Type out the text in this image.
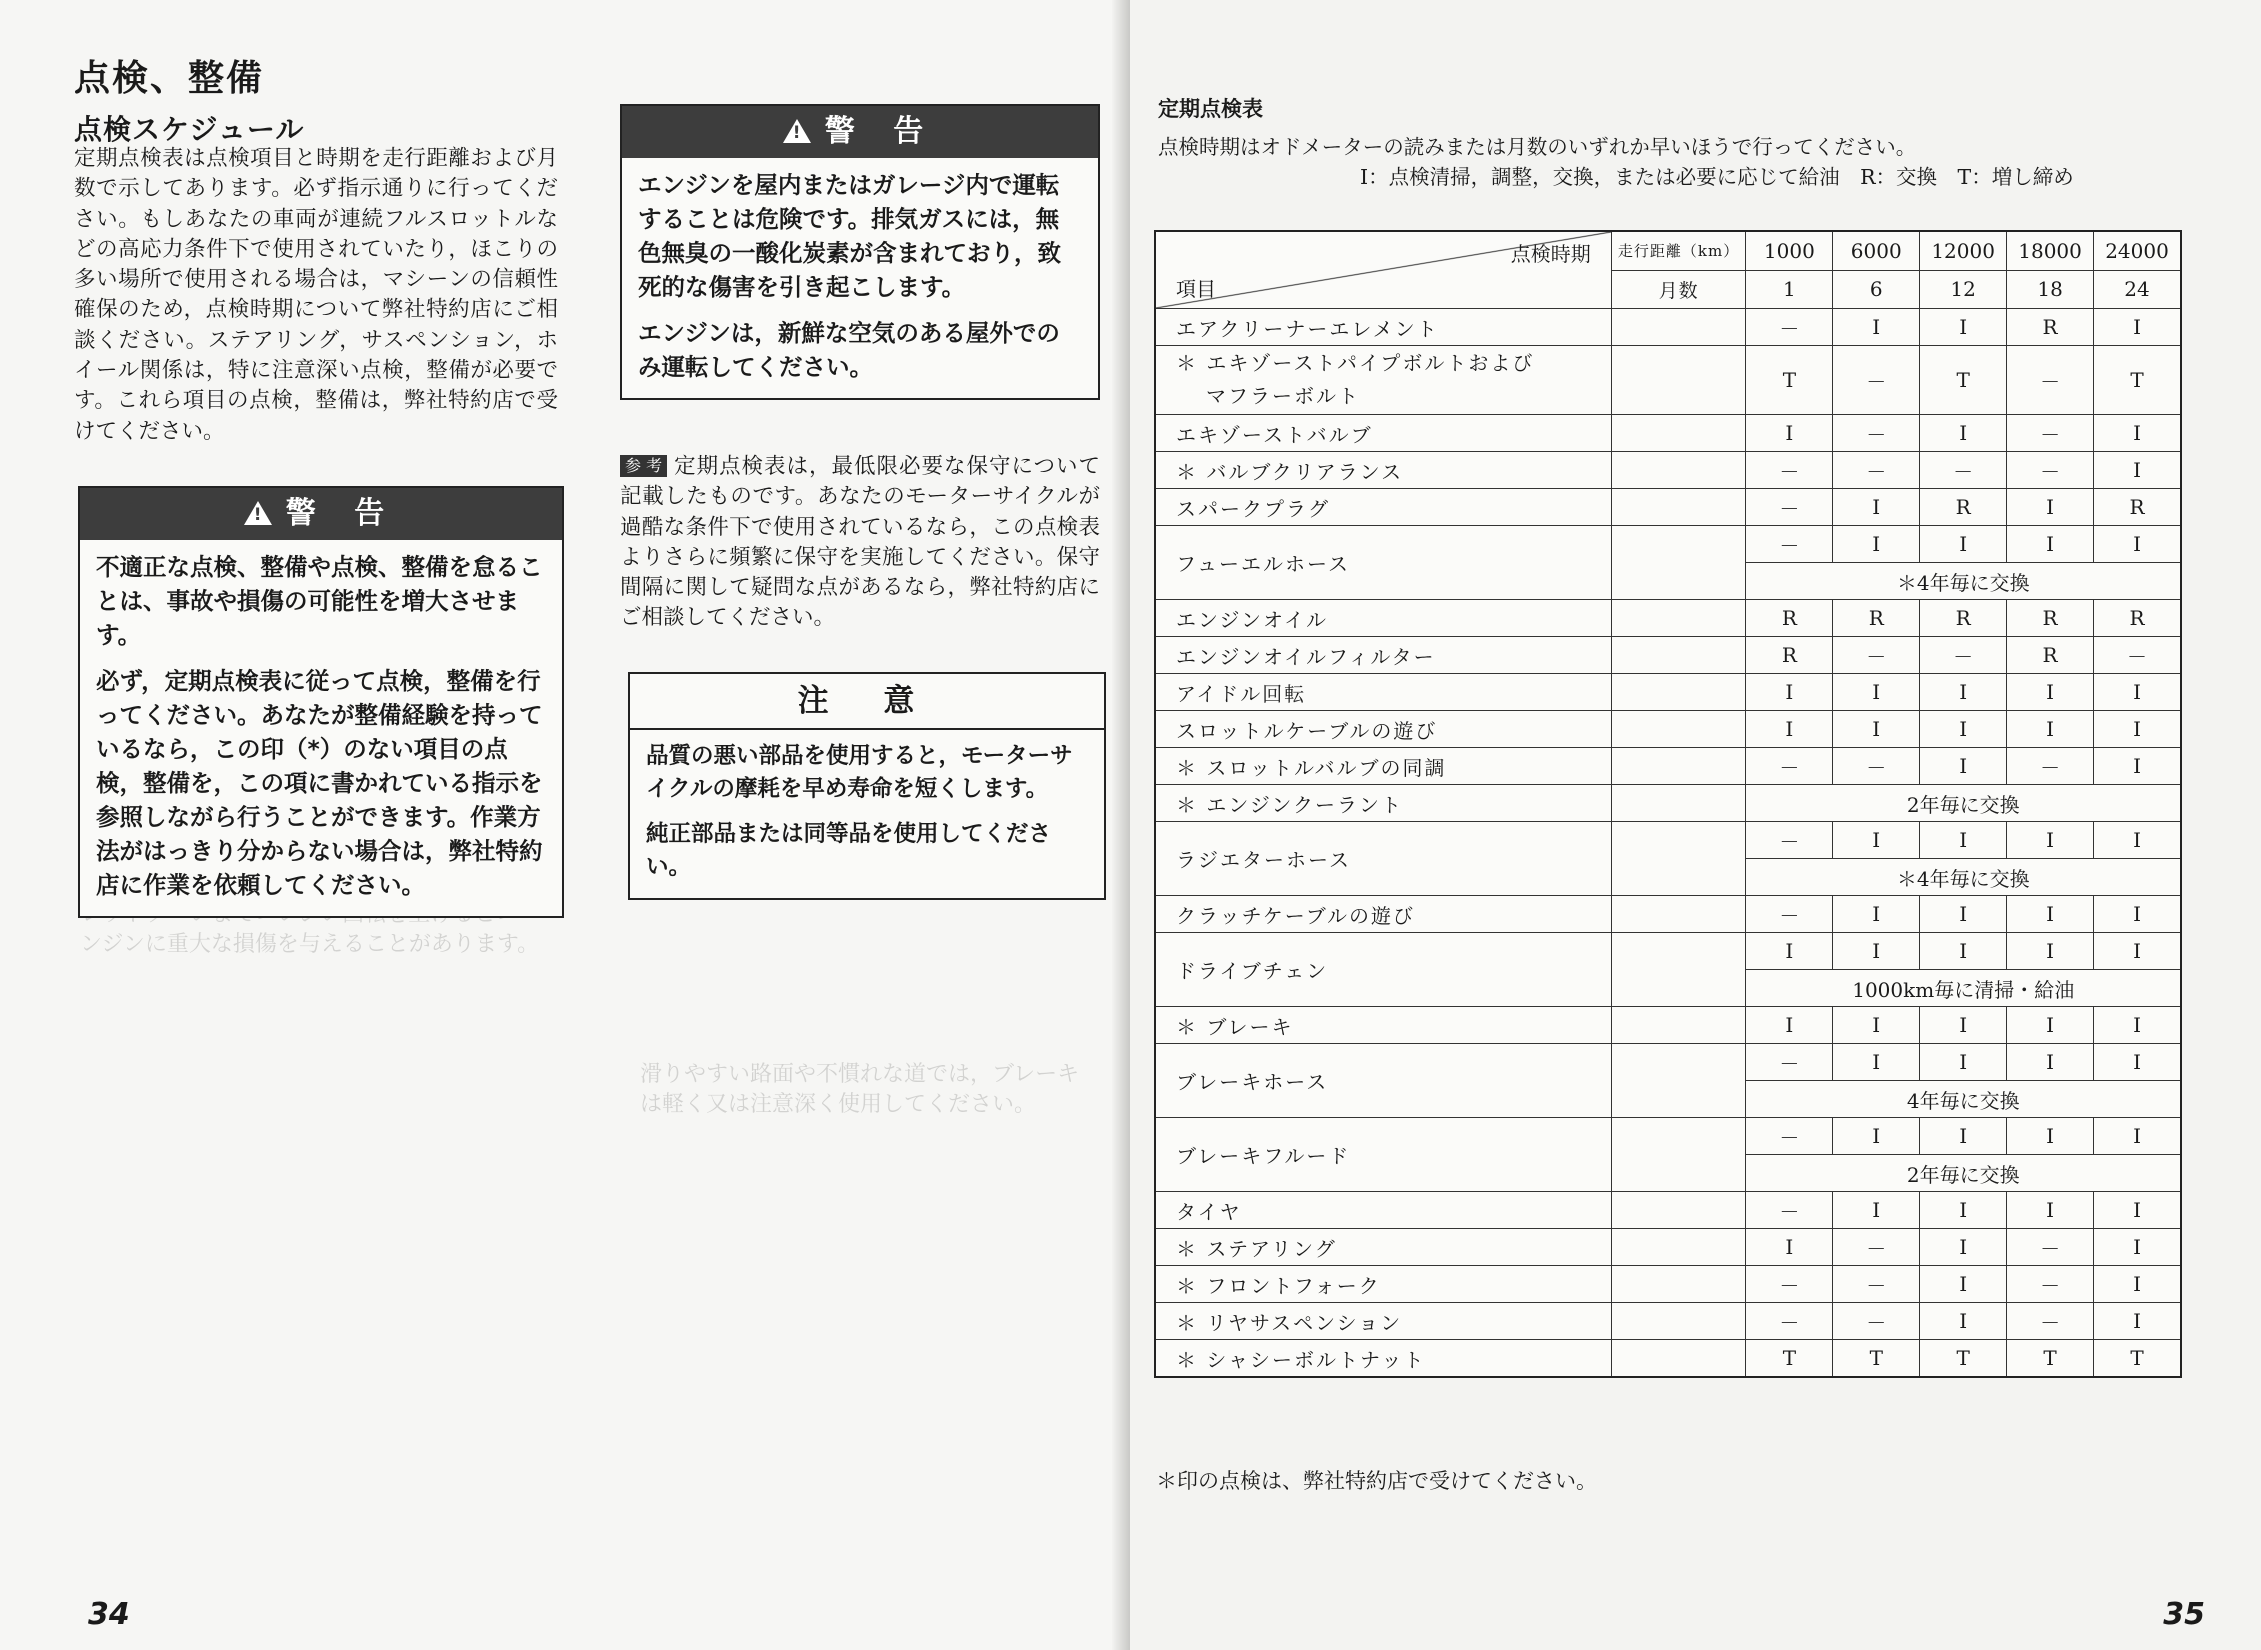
ンジンに重大な損傷を与えることがあります。
滑りやすい路面や不慣れな道では，ブレーキは軽く又は注意深く使用してください。
点検、整備
点検スケジュール
定期点検表は点検項目と時期を走行距離および月数で示してあります。必ず指示通りに行ってください。もしあなたの車両が連続フルスロットルなどの高応力条件下で使用されていたり，ほこりの多い場所で使用される場合は，マシーンの信頼性確保のため，点検時期について弊社特約店にご相談ください。ステアリング，サスペンション，ホイール関係は，特に注意深い点検，整備が必要です。これら項目の点検，整備は，弊社特約店で受けてください。
!警 告

不適正な点検、整備や点検、整備を怠ることは、事故や損傷の可能性を増大させます。

必ず，定期点検表に従って点検，整備を行ってください。あなたが整備経験を持っているなら，この印（*）のない項目の点検，整備を，この項に書かれている指示を参照しながら行うことができます。作業方法がはっきり分からない場合は，弊社特約店に作業を依頼してください。

!警 告

エンジンを屋内またはガレージ内で運転することは危険です。排気ガスには，無色無臭の一酸化炭素が含まれており，致死的な傷害を引き起こします。

エンジンは，新鮮な空気のある屋外でのみ運転してください。

参 考 定期点検表は，最低限必要な保守について記載したものです。あなたのモーターサイクルが過酷な条件下で使用されているなら，この点検表よりさらに頻繁に保守を実施してください。保守間隔に関して疑問な点があるなら，弊社特約店にご相談してください。
注 意

品質の悪い部品を使用すると，モーターサイクルの摩耗を早め寿命を短くします。

純正部品または同等品を使用してください。

34	35
定期点検表
点検時期はオドメーターの読みまたは月数のいずれか早いほうで行ってください。
I：点検清掃，調整，交換，または必要に応じて給油　R：交換　T：増し締め
点検時期
項目	走行距離（km）	1000	6000	12000	18000	24000
	月数	1	6	12	18	24
エアクリーナーエレメント		－	I	I	R	I

＊ エキゾーストパイプボルトおよび
マフラーボルト		T	－	T	－	T
エキゾーストバルブ		I	－	I	－	I
＊ バルブクリアランス		－	－	－	－	I
スパークプラグ		－	I	R	I	R
フューエルホース		－	I	I	I	I
		＊4年毎に交換				
エンジンオイル		R	R	R	R	R
エンジンオイルフィルター		R	－	－	R	－
アイドル回転		I	I	I	I	I
スロットルケーブルの遊び		I	I	I	I	I
＊ スロットルバルブの同調		－	－	I	－	I
＊ エンジンクーラント		2年毎に交換				
ラジエターホース		－	I	I	I	I
		＊4年毎に交換				
クラッチケーブルの遊び		－	I	I	I	I
ドライブチェン		I	I	I	I	I
		1000km毎に清掃・給油				
＊ ブレーキ		I	I	I	I	I
ブレーキホース		－	I	I	I	I
		4年毎に交換				
ブレーキフルード		－	I	I	I	I
		2年毎に交換				
タイヤ		－	I	I	I	I
＊ ステアリング		I	－	I	－	I
＊ フロントフォーク		－	－	I	－	I
＊ リヤサスペンション		－	－	I	－	I
＊ シャシーボルトナット		T	T	T	T	T
＊印の点検は、弊社特約店で受けてください。
